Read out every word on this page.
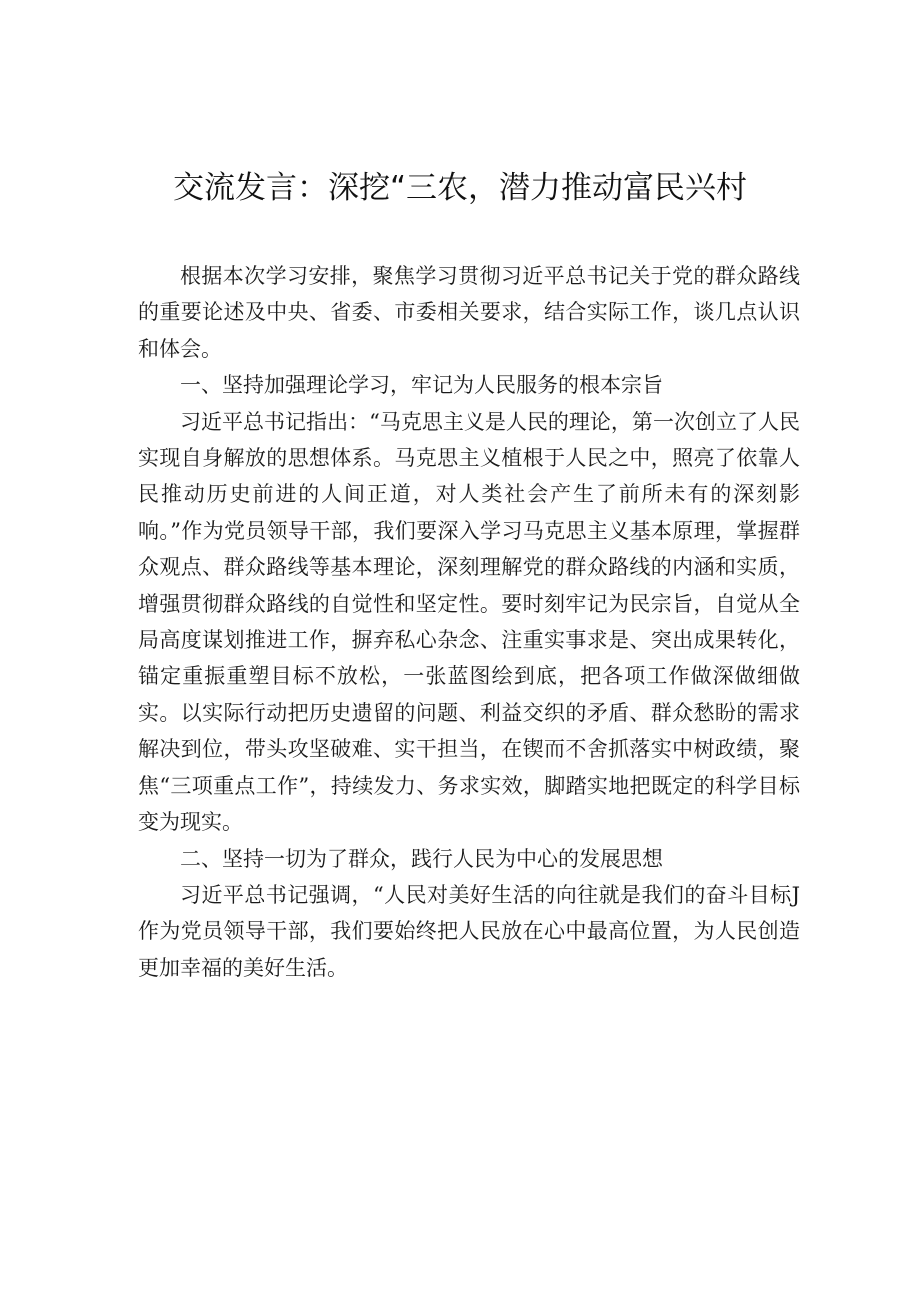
交流发言：深挖“三农，潜力推动富民兴村

根据本次学习安排，聚焦学习贯彻习近平总书记关于党的群众路线的重要论述及中央、省委、市委相关要求，结合实际工作，谈几点认识和体会。

一、坚持加强理论学习，牢记为人民服务的根本宗旨

习近平总书记指出：“马克思主义是人民的理论，第一次创立了人民实现自身解放的思想体系。马克思主义植根于人民之中，照亮了依靠人民推动历史前进的人间正道，对人类社会产生了前所未有的深刻影响。”作为党员领导干部，我们要深入学习马克思主义基本原理，掌握群众观点、群众路线等基本理论，深刻理解党的群众路线的内涵和实质，增强贯彻群众路线的自觉性和坚定性。要时刻牢记为民宗旨，自觉从全局高度谋划推进工作，摒弃私心杂念、注重实事求是、突出成果转化，锚定重振重塑目标不放松，一张蓝图绘到底，把各项工作做深做细做实。以实际行动把历史遗留的问题、利益交织的矛盾、群众愁盼的需求解决到位，带头攻坚破难、实干担当，在锲而不舍抓落实中树政绩，聚焦“三项重点工作”，持续发力、务求实效，脚踏实地把既定的科学目标变为现实。

二、坚持一切为了群众，践行人民为中心的发展思想

习近平总书记强调，“人民对美好生活的向往就是我们的奋斗目标J作为党员领导干部，我们要始终把人民放在心中最高位置，为人民创造更加幸福的美好生活。
